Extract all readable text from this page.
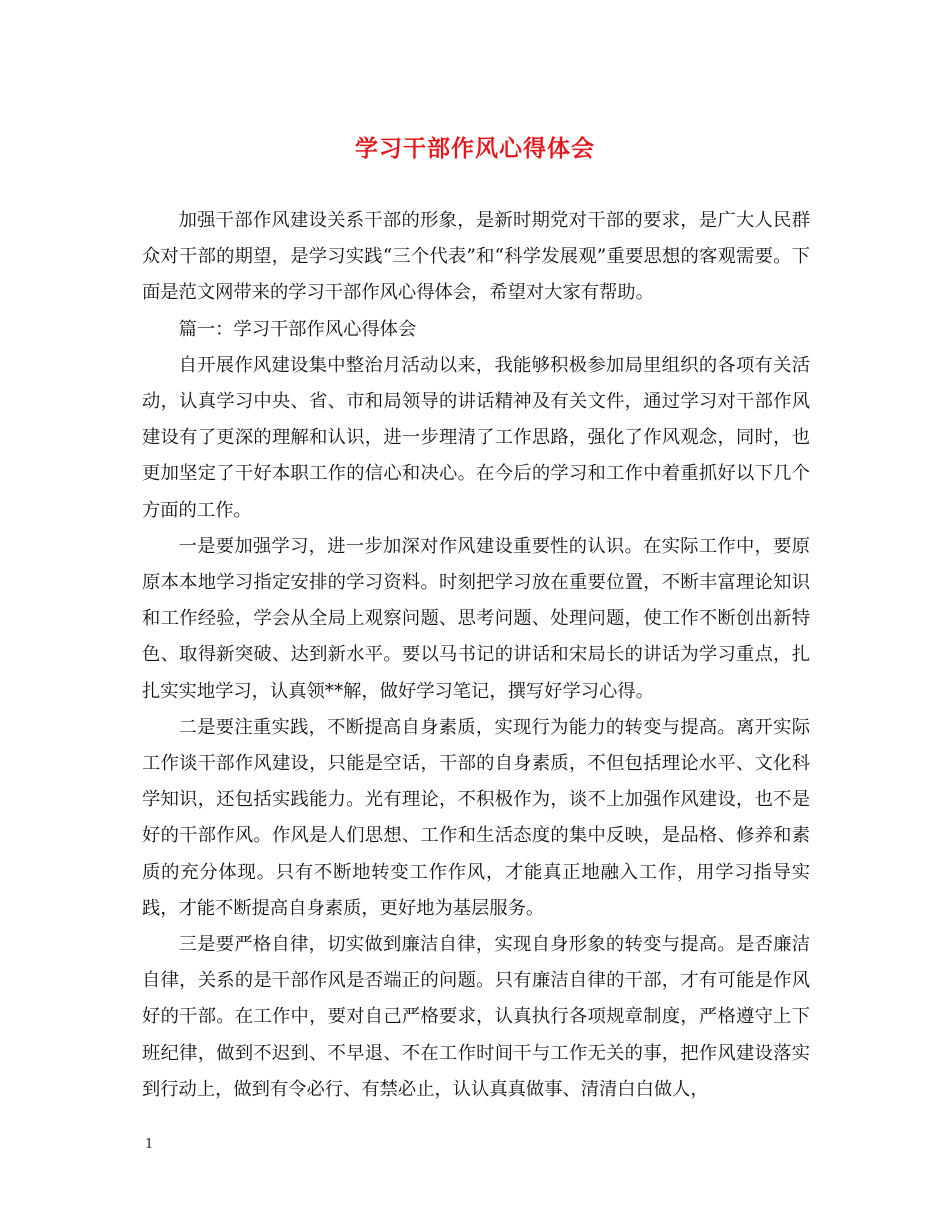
学习干部作风心得体会

加强干部作风建设关系干部的形象，是新时期党对干部的要求，是广大人民群众对干部的期望，是学习实践“三个代表”和“科学发展观”重要思想的客观需要。下面是范文网带来的学习干部作风心得体会，希望对大家有帮助。

篇一：学习干部作风心得体会

自开展作风建设集中整治月活动以来，我能够积极参加局里组织的各项有关活动，认真学习中央、省、市和局领导的讲话精神及有关文件，通过学习对干部作风建设有了更深的理解和认识，进一步理清了工作思路，强化了作风观念，同时，也更加坚定了干好本职工作的信心和决心。在今后的学习和工作中着重抓好以下几个方面的工作。

一是要加强学习，进一步加深对作风建设重要性的认识。在实际工作中，要原原本本地学习指定安排的学习资料。时刻把学习放在重要位置，不断丰富理论知识和工作经验，学会从全局上观察问题、思考问题、处理问题，使工作不断创出新特色、取得新突破、达到新水平。要以马书记的讲话和宋局长的讲话为学习重点，扎扎实实地学习，认真领**解，做好学习笔记，撰写好学习心得。

二是要注重实践，不断提高自身素质，实现行为能力的转变与提高。离开实际工作谈干部作风建设，只能是空话，干部的自身素质，不但包括理论水平、文化科学知识，还包括实践能力。光有理论，不积极作为，谈不上加强作风建设，也不是好的干部作风。作风是人们思想、工作和生活态度的集中反映，是品格、修养和素质的充分体现。只有不断地转变工作作风，才能真正地融入工作，用学习指导实践，才能不断提高自身素质，更好地为基层服务。

三是要严格自律，切实做到廉洁自律，实现自身形象的转变与提高。是否廉洁自律，关系的是干部作风是否端正的问题。只有廉洁自律的干部，才有可能是作风好的干部。在工作中，要对自己严格要求，认真执行各项规章制度，严格遵守上下班纪律，做到不迟到、不早退、不在工作时间干与工作无关的事，把作风建设落实到行动上，做到有令必行、有禁必止，认认真真做事、清清白白做人，

1
